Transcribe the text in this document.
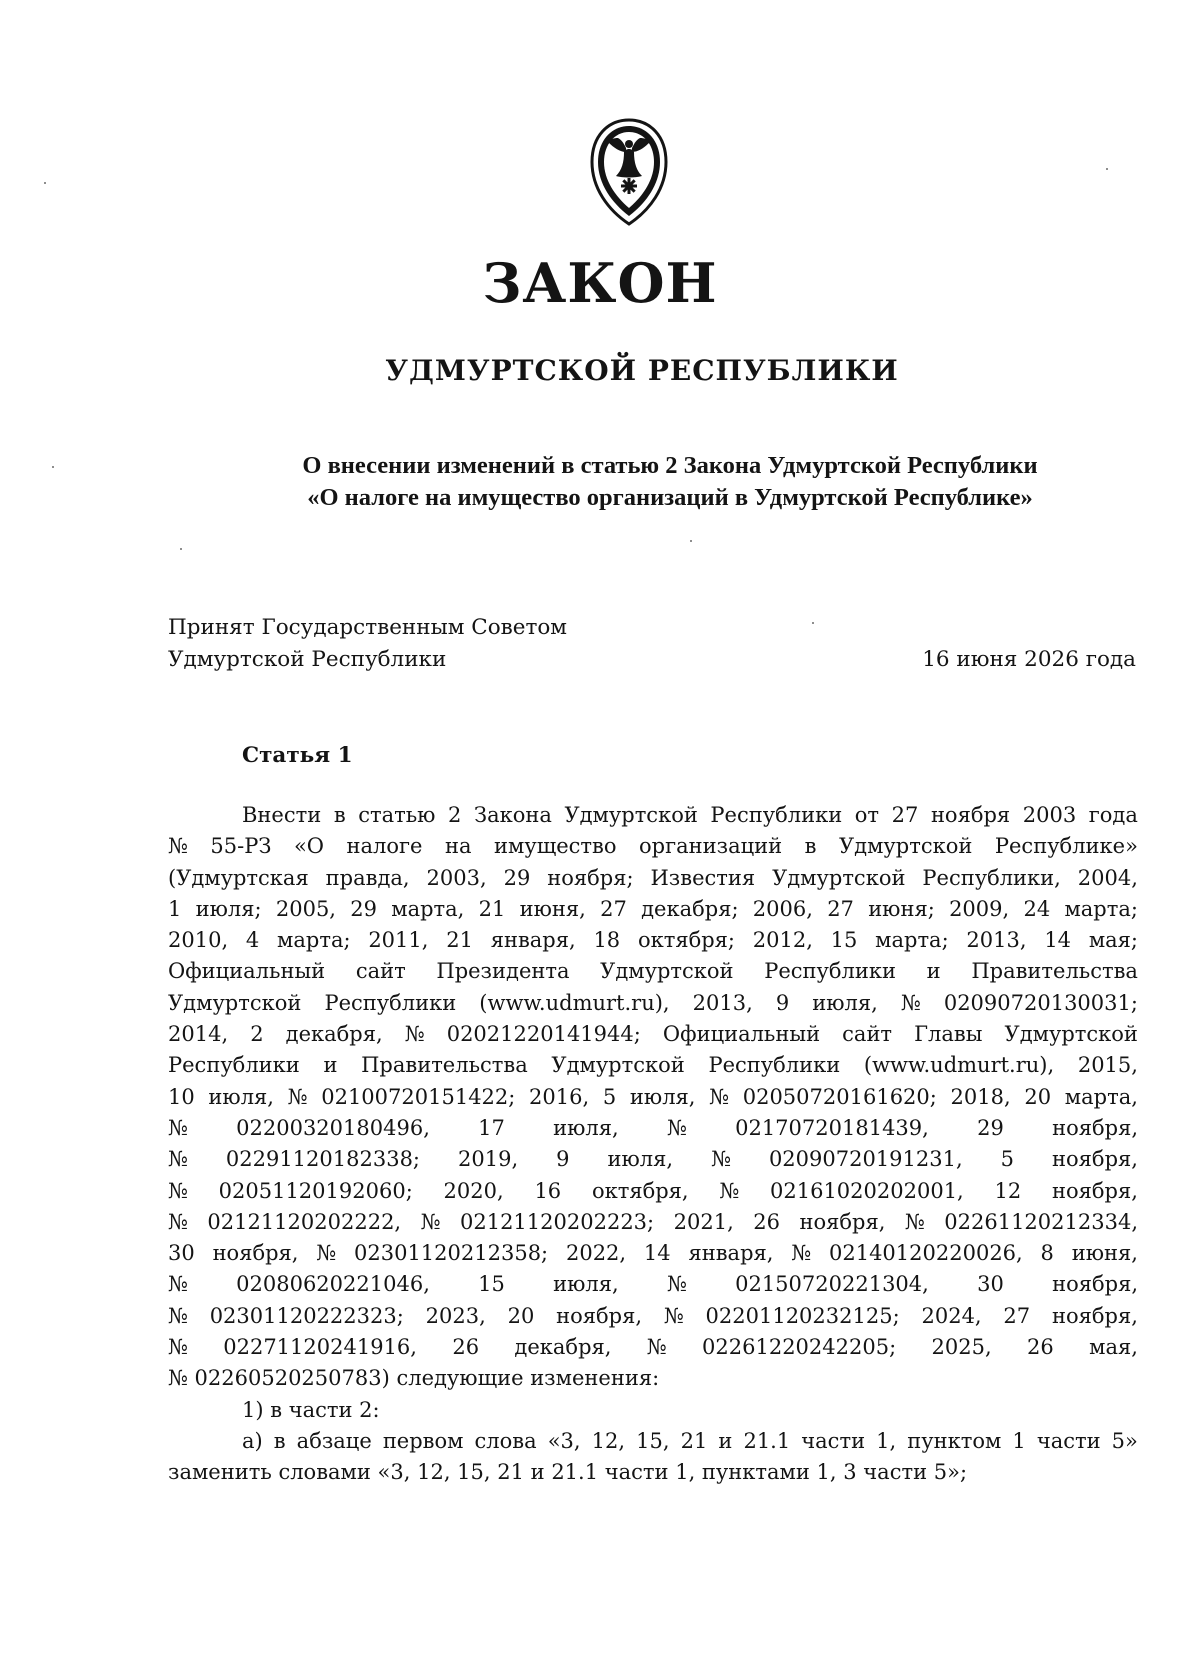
ЗАКОН
УДМУРТСКОЙ РЕСПУБЛИКИ
О внесении изменений в статью 2 Закона Удмуртской Республики
«О налоге на имущество организаций в Удмуртской Республике»
Принят Государственным Советом
Удмуртской Республики	16 июня 2026 года
Статья 1
Внести в статью 2 Закона Удмуртской Республики от 27 ноября 2003 года
№ 55-РЗ «О налоге на имущество организаций в Удмуртской Республике»
(Удмуртская правда, 2003, 29 ноября; Известия Удмуртской Республики, 2004,
1 июля; 2005, 29 марта, 21 июня, 27 декабря; 2006, 27 июня; 2009, 24 марта;
2010, 4 марта; 2011, 21 января, 18 октября; 2012, 15 марта; 2013, 14 мая;
Официальный сайт Президента Удмуртской Республики и Правительства
Удмуртской Республики (www.udmurt.ru), 2013, 9 июля, № 02090720130031;
2014, 2 декабря, № 02021220141944; Официальный сайт Главы Удмуртской
Республики и Правительства Удмуртской Республики (www.udmurt.ru), 2015,
10 июля, № 02100720151422; 2016, 5 июля, № 02050720161620; 2018, 20 марта,
№ 02200320180496, 17 июля, № 02170720181439, 29 ноября,
№ 02291120182338; 2019, 9 июля, № 02090720191231, 5 ноября,
№ 02051120192060; 2020, 16 октября, № 02161020202001, 12 ноября,
№ 02121120202222, № 02121120202223; 2021, 26 ноября, № 02261120212334,
30 ноября, № 02301120212358; 2022, 14 января, № 02140120220026, 8 июня,
№ 02080620221046, 15 июля, № 02150720221304, 30 ноября,
№ 02301120222323; 2023, 20 ноября, № 02201120232125; 2024, 27 ноября,
№ 02271120241916, 26 декабря, № 02261220242205; 2025, 26 мая,
№ 02260520250783) следующие изменения:
1) в части 2:
а) в абзаце первом слова «3, 12, 15, 21 и 21.1 части 1, пунктом 1 части 5»
заменить словами «3, 12, 15, 21 и 21.1 части 1, пунктами 1, 3 части 5»;
